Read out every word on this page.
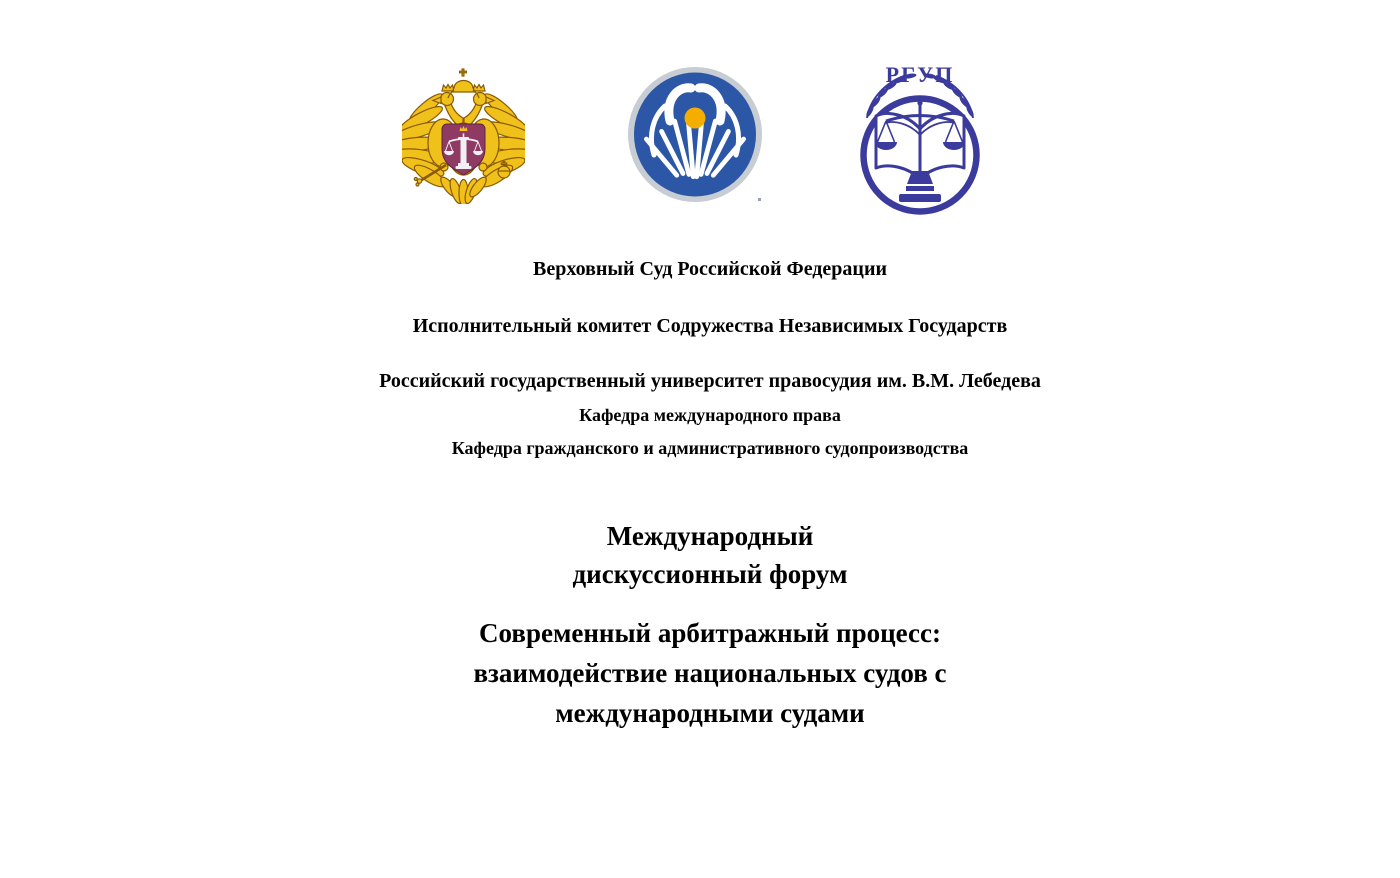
РГУП
Верховный Суд Российской Федерации
Исполнительный комитет Содружества Независимых Государств
Российский государственный университет правосудия им. В.М. Лебедева
Кафедра международного права
Кафедра гражданского и административного судопроизводства
Международный
дискуссионный форум
Современный арбитражный процесс:
взаимодействие национальных судов с
международными судами
